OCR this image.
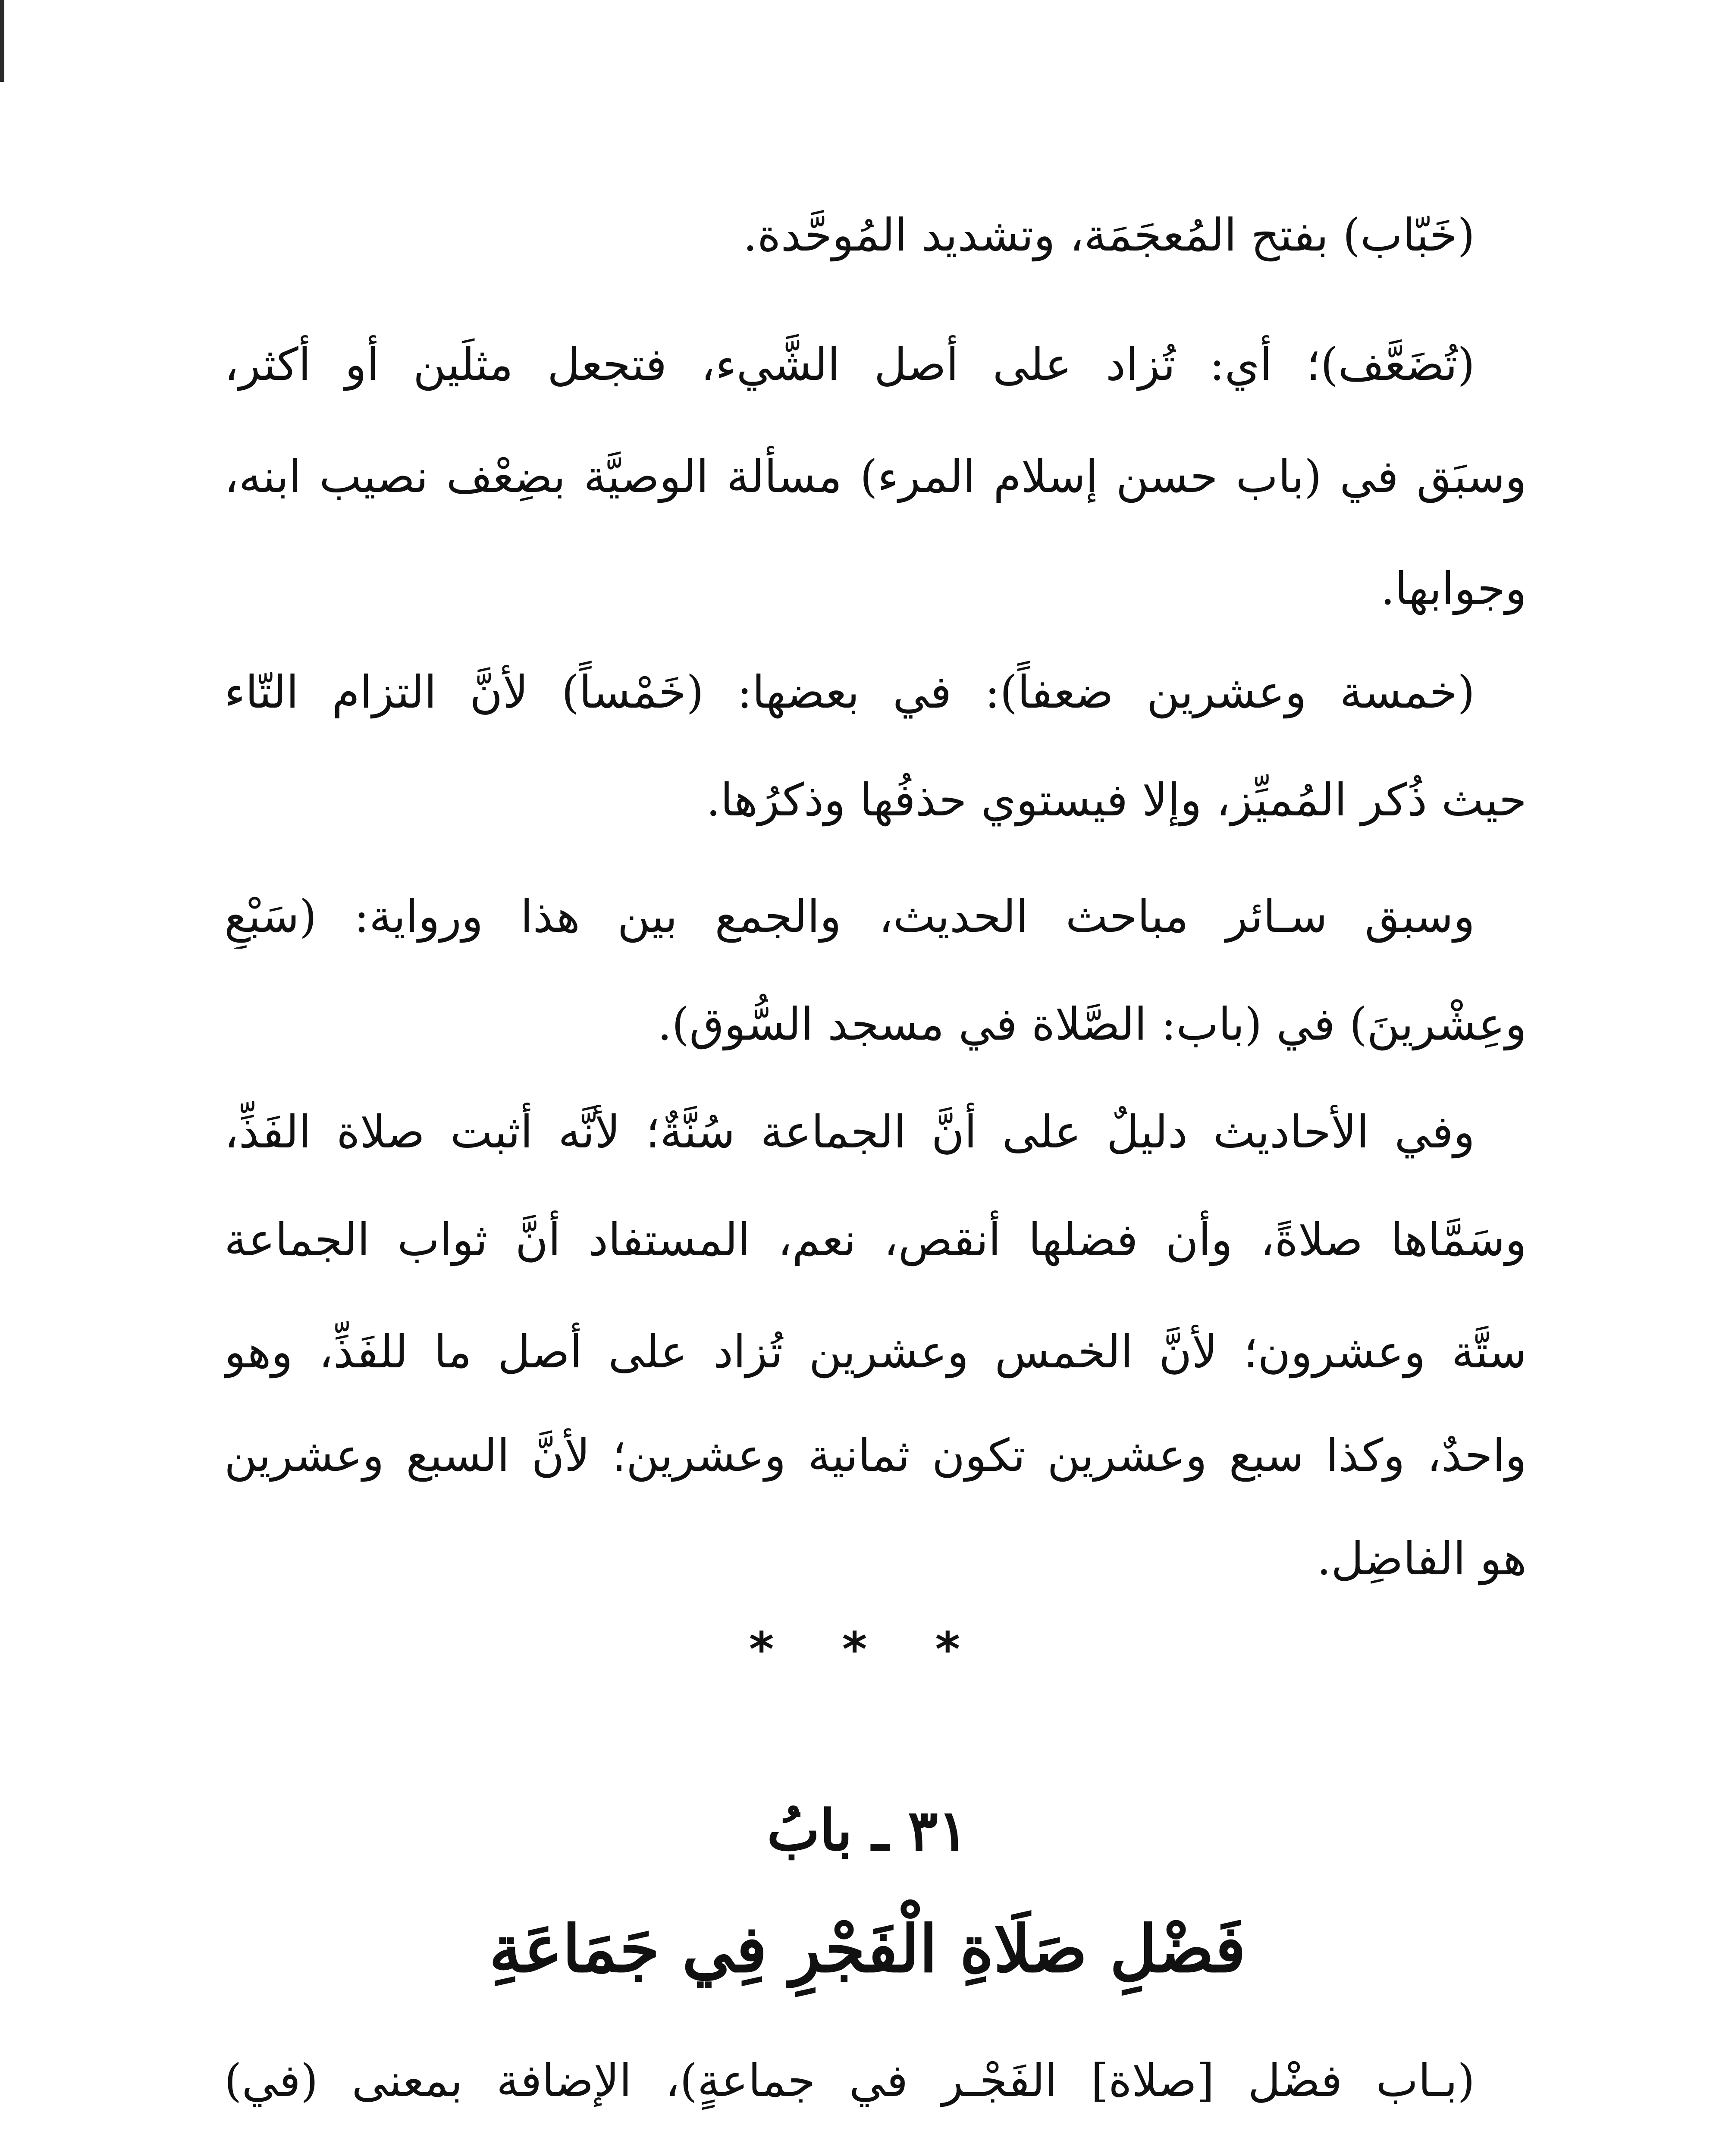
(خَبّاب) بفتح المُعجَمَة، وتشديد المُوحَّدة.
(تُضَعَّف)؛ أي: تُزاد على أصل الشَّيء، فتجعل مثلَين أو أكثر،
وسبَق في (باب حسن إسلام المرء) مسألة الوصيَّة بضِعْف نصيب ابنه،
وجوابها.
(خمسة وعشرين ضعفاً): في بعضها: (خَمْساً) لأنَّ التزام التّاء
حيث ذُكر المُميِّز، وإلا فيستوي حذفُها وذكرُها.
وسبق سـائر مباحث الحديث، والجمع بين هذا ورواية: (سَبْعٍ
وعِشْرينَ) في (باب: الصَّلاة في مسجد السُّوق).
وفي الأحاديث دليلٌ على أنَّ الجماعة سُنَّةٌ؛ لأنَّه أثبت صلاة الفَذِّ،
وسَمَّاها صلاةً، وأن فضلها أنقص، نعم، المستفاد أنَّ ثواب الجماعة
ستَّة وعشرون؛ لأنَّ الخمس وعشرين تُزاد على أصل ما للفَذِّ، وهو
واحدٌ، وكذا سبع وعشرين تكون ثمانية وعشرين؛ لأنَّ السبع وعشرين
هو الفاضِل.
* * *
٣١ ـ بابُ
فَضْلِ صَلَاةِ الْفَجْرِ فِي جَمَاعَةِ
(بـاب فضْل [صلاة] الفَجْـر في جماعةٍ)، الإضافة بمعنى (في)
